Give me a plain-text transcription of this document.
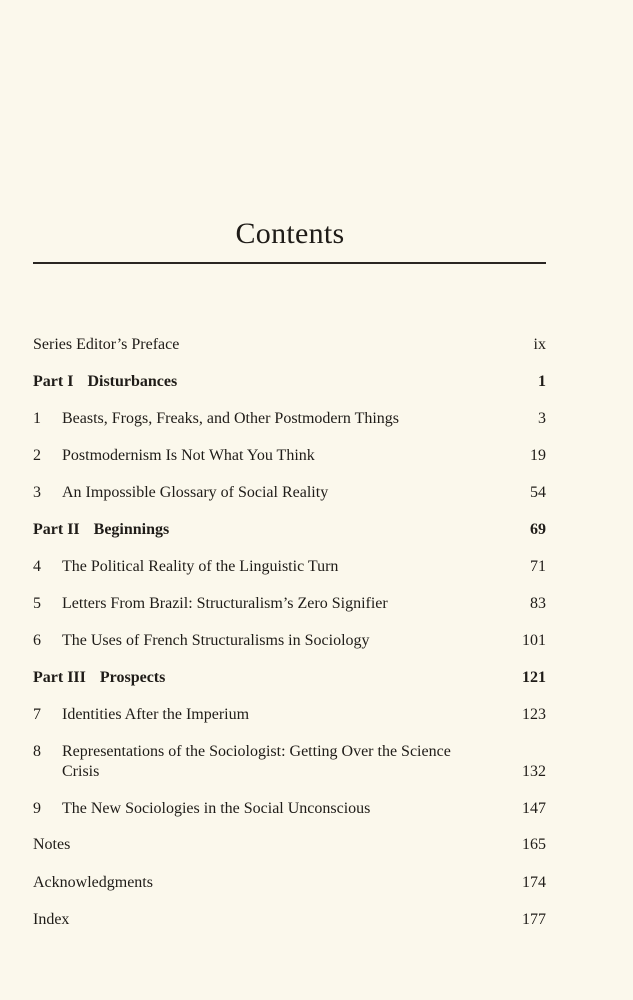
Contents
Series Editor’s Preface	ix
Part I Disturbances	1
1 Beasts, Frogs, Freaks, and Other Postmodern Things	3
2 Postmodernism Is Not What You Think	19
3 An Impossible Glossary of Social Reality	54
Part II Beginnings	69
4 The Political Reality of the Linguistic Turn	71
5 Letters From Brazil: Structuralism’s Zero Signifier	83
6 The Uses of French Structuralisms in Sociology	101
Part III Prospects	121
7 Identities After the Imperium	123
8 Representations of the Sociologist: Getting Over the Science Crisis	132
9 The New Sociologies in the Social Unconscious	147
Notes	165
Acknowledgments	174
Index	177
